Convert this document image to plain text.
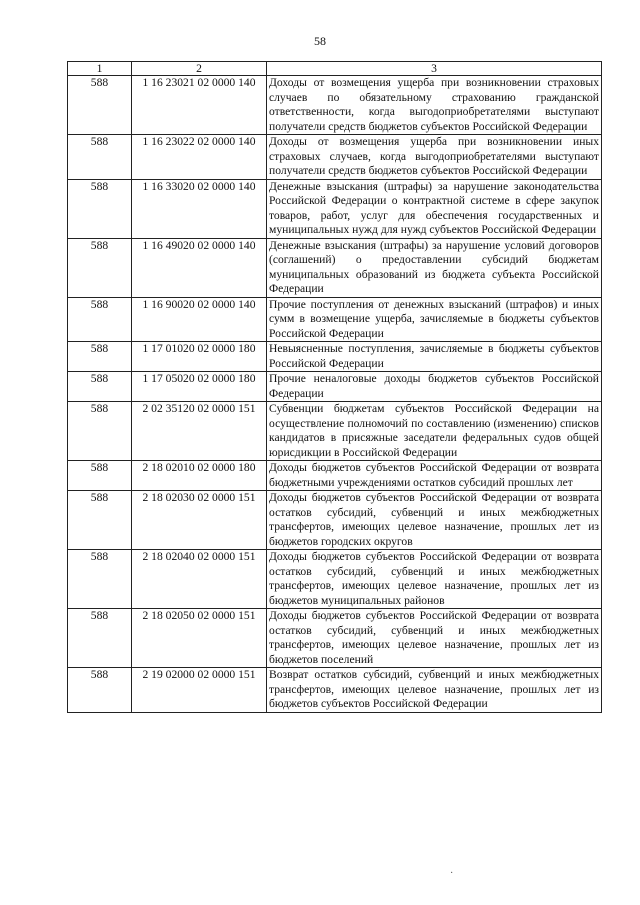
58
1	2	3
588	1 16 23021 02 0000 140	Доходы от возмещения ущерба при возникновении страховых случаев по обязательному страхованию гражданской ответственности, когда выгодоприобретателями выступают получатели средств бюджетов субъектов Российской Федерации
588	1 16 23022 02 0000 140	Доходы от возмещения ущерба при возникновении иных страховых случаев, когда выгодоприобретателями выступают получатели средств бюджетов субъектов Российской Федерации
588	1 16 33020 02 0000 140	Денежные взыскания (штрафы) за нарушение законодательства Российской Федерации о контрактной системе в сфере закупок товаров, работ, услуг для обеспечения государственных и муниципальных нужд для нужд субъектов Российской Федерации
588	1 16 49020 02 0000 140	Денежные взыскания (штрафы) за нарушение условий договоров (соглашений) о предоставлении субсидий бюджетам муниципальных образований из бюджета субъекта Российской Федерации
588	1 16 90020 02 0000 140	Прочие поступления от денежных взысканий (штрафов) и иных сумм в возмещение ущерба, зачисляемые в бюджеты субъектов Российской Федерации
588	1 17 01020 02 0000 180	Невыясненные поступления, зачисляемые в бюджеты субъектов Российской Федерации
588	1 17 05020 02 0000 180	Прочие неналоговые доходы бюджетов субъектов Российской Федерации
588	2 02 35120 02 0000 151	Субвенции бюджетам субъектов Российской Федерации на осуществление полномочий по составлению (изменению) списков кандидатов в присяжные заседатели федеральных судов общей юрисдикции в Российской Федерации
588	2 18 02010 02 0000 180	Доходы бюджетов субъектов Российской Федерации от возврата бюджетными учреждениями остатков субсидий прошлых лет
588	2 18 02030 02 0000 151	Доходы бюджетов субъектов Российской Федерации от возврата остатков субсидий, субвенций и иных межбюджетных трансфертов, имеющих целевое назначение, прошлых лет из бюджетов городских округов
588	2 18 02040 02 0000 151	Доходы бюджетов субъектов Российской Федерации от возврата остатков субсидий, субвенций и иных межбюджетных трансфертов, имеющих целевое назначение, прошлых лет из бюджетов муниципальных районов
588	2 18 02050 02 0000 151	Доходы бюджетов субъектов Российской Федерации от возврата остатков субсидий, субвенций и иных межбюджетных трансфертов, имеющих целевое назначение, прошлых лет из бюджетов поселений
588	2 19 02000 02 0000 151	Возврат остатков субсидий, субвенций и иных межбюджетных трансфертов, имеющих целевое назначение, прошлых лет из бюджетов субъектов Российской Федерации
·
